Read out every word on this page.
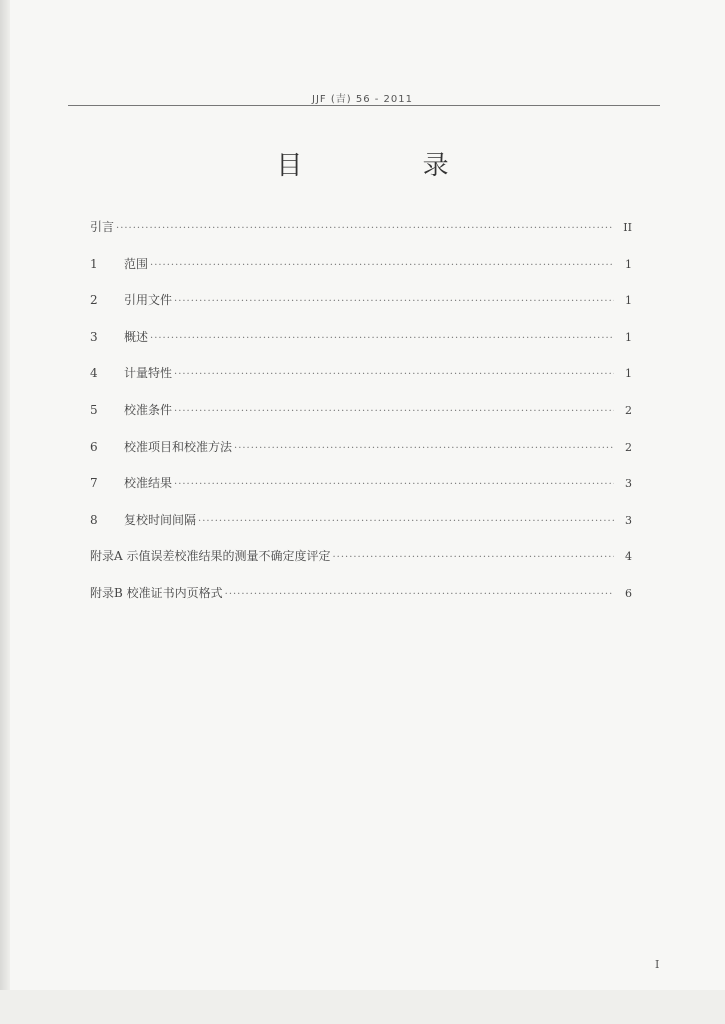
JJF (吉) 56 - 2011
目 录
引言 ·····	II
1	范围 ·····	1
2	引用文件 ·····	1
3	概述 ·····	1
4	计量特性 ·····	1
5	校准条件 ·····	2
6	校准项目和校准方法 ·····	2
7	校准结果 ·····	3
8	复校时间间隔 ·····	3
附录A 示值误差校准结果的测量不确定度评定 ·····	4
附录B 校准证书内页格式 ·····	6
I
